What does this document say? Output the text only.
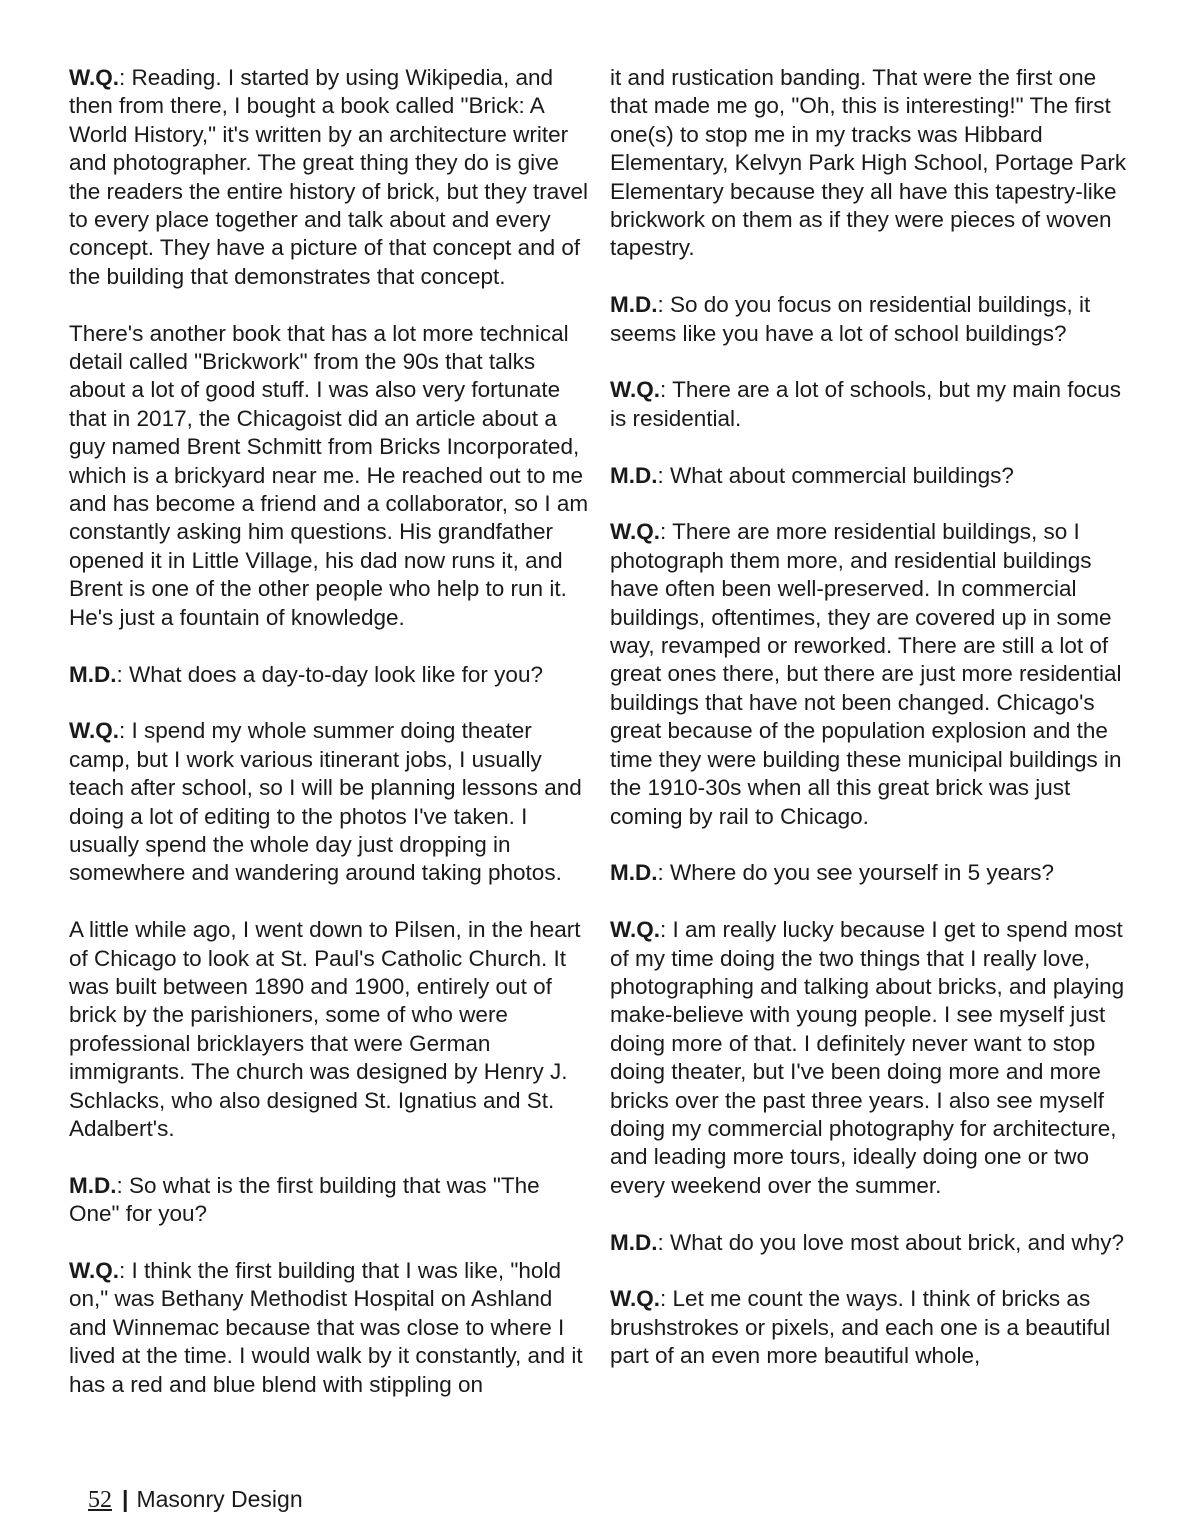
W.Q.: Reading. I started by using Wikipedia, and then from there, I bought a book called "Brick: A World History," it's written by an architecture writer and photographer. The great thing they do is give the readers the entire history of brick, but they travel to every place together and talk about and every concept. They have a picture of that concept and of the building that demonstrates that concept.

There's another book that has a lot more technical detail called "Brickwork" from the 90s that talks about a lot of good stuff. I was also very fortunate that in 2017, the Chicagoist did an article about a guy named Brent Schmitt from Bricks Incorporated, which is a brickyard near me. He reached out to me and has become a friend and a collaborator, so I am constantly asking him questions. His grandfather opened it in Little Village, his dad now runs it, and Brent is one of the other people who help to run it. He's just a fountain of knowledge.

M.D.: What does a day-to-day look like for you?

W.Q.: I spend my whole summer doing theater camp, but I work various itinerant jobs, I usually teach after school, so I will be planning lessons and doing a lot of editing to the photos I've taken. I usually spend the whole day just dropping in somewhere and wandering around taking photos.

A little while ago, I went down to Pilsen, in the heart of Chicago to look at St. Paul's Catholic Church. It was built between 1890 and 1900, entirely out of brick by the parishioners, some of who were professional bricklayers that were German immigrants. The church was designed by Henry J. Schlacks, who also designed St. Ignatius and St. Adalbert's.

M.D.: So what is the first building that was "The One" for you?

W.Q.: I think the first building that I was like, "hold on," was Bethany Methodist Hospital on Ashland and Winnemac because that was close to where I lived at the time. I would walk by it constantly, and it has a red and blue blend with stippling on

it and rustication banding. That were the first one that made me go, "Oh, this is interesting!" The first one(s) to stop me in my tracks was Hibbard Elementary, Kelvyn Park High School, Portage Park Elementary because they all have this tapestry-like brickwork on them as if they were pieces of woven tapestry.

M.D.: So do you focus on residential buildings, it seems like you have a lot of school buildings?

W.Q.: There are a lot of schools, but my main focus is residential.

M.D.: What about commercial buildings?

W.Q.: There are more residential buildings, so I photograph them more, and residential buildings have often been well-preserved. In commercial buildings, oftentimes, they are covered up in some way, revamped or reworked. There are still a lot of great ones there, but there are just more residential buildings that have not been changed. Chicago's great because of the population explosion and the time they were building these municipal buildings in the 1910-30s when all this great brick was just coming by rail to Chicago.

M.D.: Where do you see yourself in 5 years?

W.Q.: I am really lucky because I get to spend most of my time doing the two things that I really love, photographing and talking about bricks, and playing make-believe with young people. I see myself just doing more of that. I definitely never want to stop doing theater, but I've been doing more and more bricks over the past three years. I also see myself doing my commercial photography for architecture, and leading more tours, ideally doing one or two every weekend over the summer.

M.D.: What do you love most about brick, and why?

W.Q.: Let me count the ways. I think of bricks as brushstrokes or pixels, and each one is a beautiful part of an even more beautiful whole,

52 | Masonry Design
